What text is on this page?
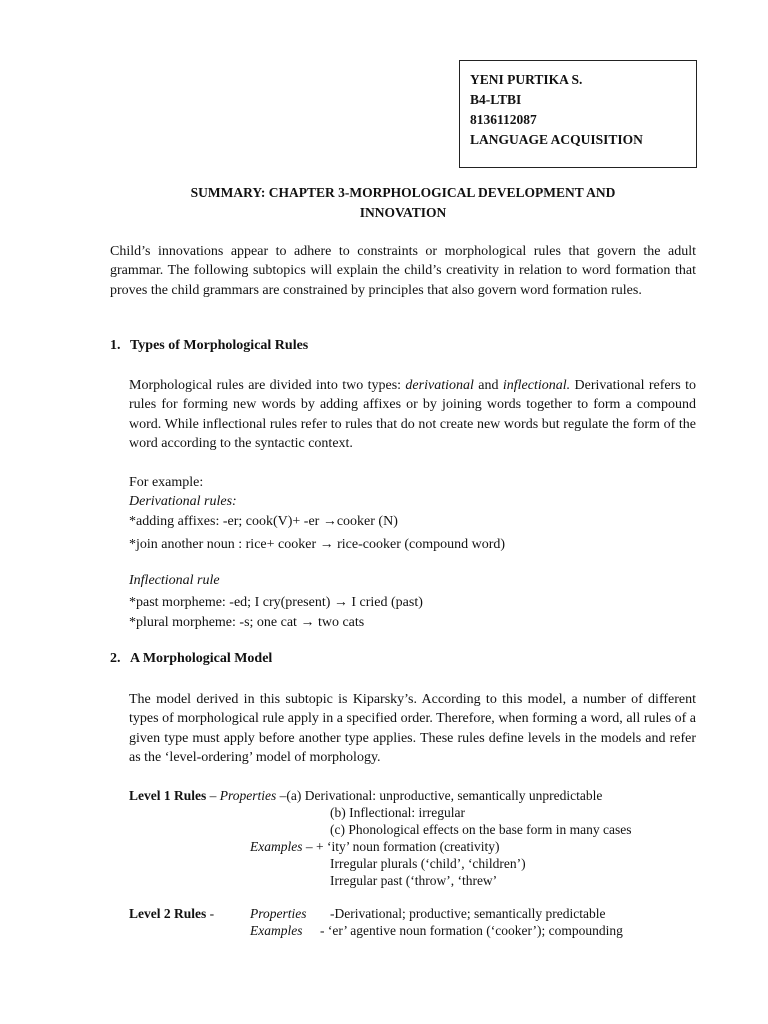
YENI PURTIKA S.
B4-LTBI
8136112087
LANGUAGE ACQUISITION
SUMMARY: CHAPTER 3-MORPHOLOGICAL DEVELOPMENT AND
INNOVATION
Child’s innovations appear to adhere to constraints or morphological rules that govern the adult grammar. The following subtopics will explain the child’s creativity in relation to word formation that proves the child grammars are constrained by principles that also govern word formation rules.
1. Types of Morphological Rules
Morphological rules are divided into two types: derivational and inflectional. Derivational refers to rules for forming new words by adding affixes or by joining words together to form a compound word. While inflectional rules refer to rules that do not create new words but regulate the form of the word according to the syntactic context.
For example:
Derivational rules:
*adding affixes: -er; cook(V)+ -er →cooker (N)
*join another noun : rice+ cooker → rice-cooker (compound word)
Inflectional rule
*past morpheme: -ed; I cry(present) → I cried (past)
*plural morpheme: -s; one cat → two cats
2. A Morphological Model
The model derived in this subtopic is Kiparsky’s. According to this model, a number of different types of morphological rule apply in a specified order. Therefore, when forming a word, all rules of a given type must apply before another type applies. These rules define levels in the models and refer as the ‘level-ordering’ model of morphology.
Level 1 Rules – Properties –(a) Derivational: unproductive, semantically unpredictable
(b) Inflectional: irregular
(c) Phonological effects on the base form in many cases
Examples – + ‘ity’ noun formation (creativity)
Irregular plurals (‘child’, ‘children’)
Irregular past (‘throw’, ‘threw’
Level 2 Rules -	Properties -Derivational; productive; semantically predictable
Examples - ‘er’ agentive noun formation (‘cooker’); compounding
